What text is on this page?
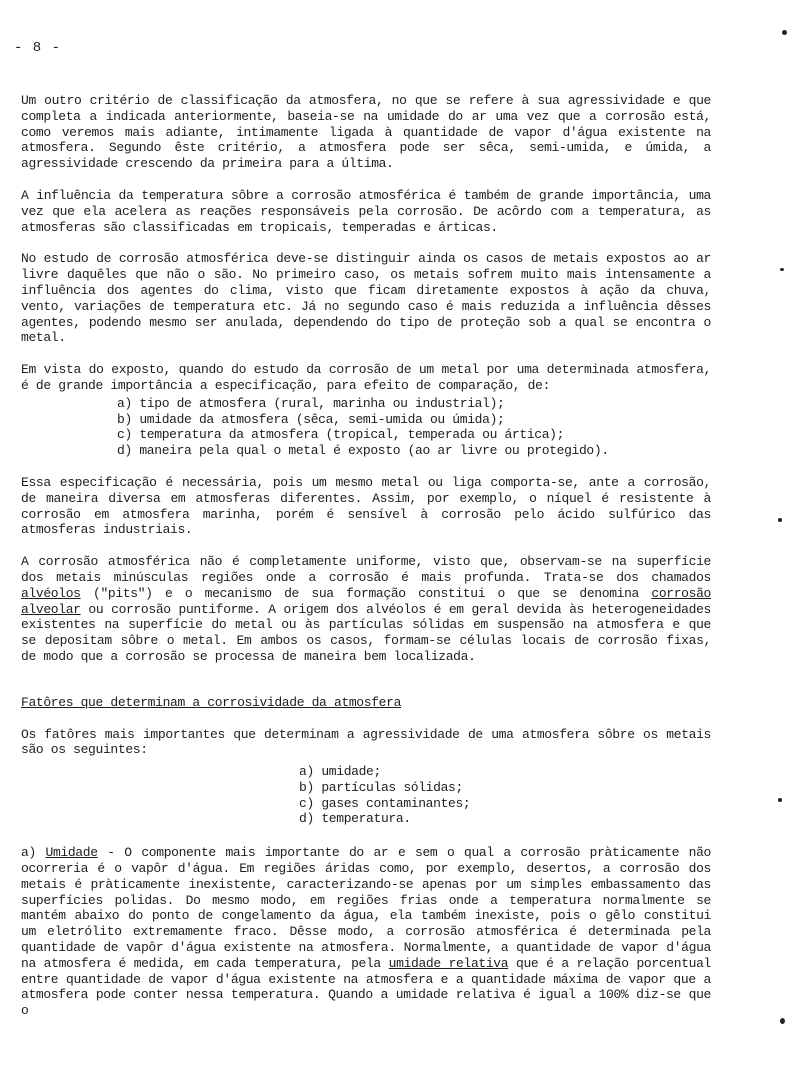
- 8 -

Um outro critério de classificação da atmosfera, no que se refere à sua agressividade e que completa a indicada anteriormente, baseia-se na umidade do ar uma vez que a corrosão está, como veremos mais adiante, intimamente ligada à quantidade de vapor d'água existente na atmosfera. Segundo êste critério, a atmosfera pode ser sêca, semi-umida, e úmida, a agressividade crescendo da primeira para a última.

A influência da temperatura sôbre a corrosão atmosférica é também de grande importância, uma vez que ela acelera as reações responsáveis pela corrosão. De acôrdo com a temperatura, as atmosferas são classificadas em tropicais, temperadas e árticas.

No estudo de corrosão atmosférica deve-se distinguir ainda os casos de metais expostos ao ar livre daquêles que não o são. No primeiro caso, os metais sofrem muito mais intensamente a influência dos agentes do clima, visto que ficam diretamente expostos à ação da chuva, vento, variações de temperatura etc. Já no segundo caso é mais reduzida a influência dêsses agentes, podendo mesmo ser anulada, dependendo do tipo de proteção sob a qual se encontra o metal.

Em vista do exposto, quando do estudo da corrosão de um metal por uma determinada atmosfera, é de grande importância a especificação, para efeito de comparação, de:

a) tipo de atmosfera (rural, marinha ou industrial);
b) umidade da atmosfera (sêca, semi-umida ou úmida);
c) temperatura da atmosfera (tropical, temperada ou ártica);
d) maneira pela qual o metal é exposto (ao ar livre ou protegido).

Essa especificação é necessária, pois um mesmo metal ou liga comporta-se, ante a corrosão, de maneira diversa em atmosferas diferentes. Assim, por exemplo, o níquel é resistente à corrosão em atmosfera marinha, porém é sensível à corrosão pelo ácido sulfúrico das atmosferas industriais.

A corrosão atmosférica não é completamente uniforme, visto que, observam-se na superfície dos metais minúsculas regiões onde a corrosão é mais profunda. Trata-se dos chamados alvéolos ("pits") e o mecanismo de sua formação constitui o que se denomina corrosão alveolar ou corrosão puntiforme. A origem dos alvéolos é em geral devida às heterogeneidades existentes na superfície do metal ou às partículas sólidas em suspensão na atmosfera e que se depositam sôbre o metal. Em ambos os casos, formam-se células locais de corrosão fixas, de modo que a corrosão se processa de maneira bem localizada.

Fatôres que determinam a corrosividade da atmosfera

Os fatôres mais importantes que determinam a agressividade de uma atmosfera sôbre os metais são os seguintes:

a) umidade;
b) partículas sólidas;
c) gases contaminantes;
d) temperatura.

a) Umidade - O componente mais importante do ar e sem o qual a corrosão pràticamente não ocorreria é o vapôr d'água. Em regiões áridas como, por exemplo, desertos, a corrosão dos metais é pràticamente inexistente, caracterizando-se apenas por um simples embassamento das superfícies polidas. Do mesmo modo, em regiões frias onde a temperatura normalmente se mantém abaixo do ponto de congelamento da água, ela também inexiste, pois o gêlo constitui um eletrólito extremamente fraco. Dêsse modo, a corrosão atmosférica é determinada pela quantidade de vapôr d'água existente na atmosfera. Normalmente, a quantidade de vapor d'água na atmosfera é medida, em cada temperatura, pela umidade relativa que é a relação porcentual entre quantidade de vapor d'água existente na atmosfera e a quantidade máxima de vapor que a atmosfera pode conter nessa temperatura. Quando a umidade relativa é igual a 100% diz-se que o
